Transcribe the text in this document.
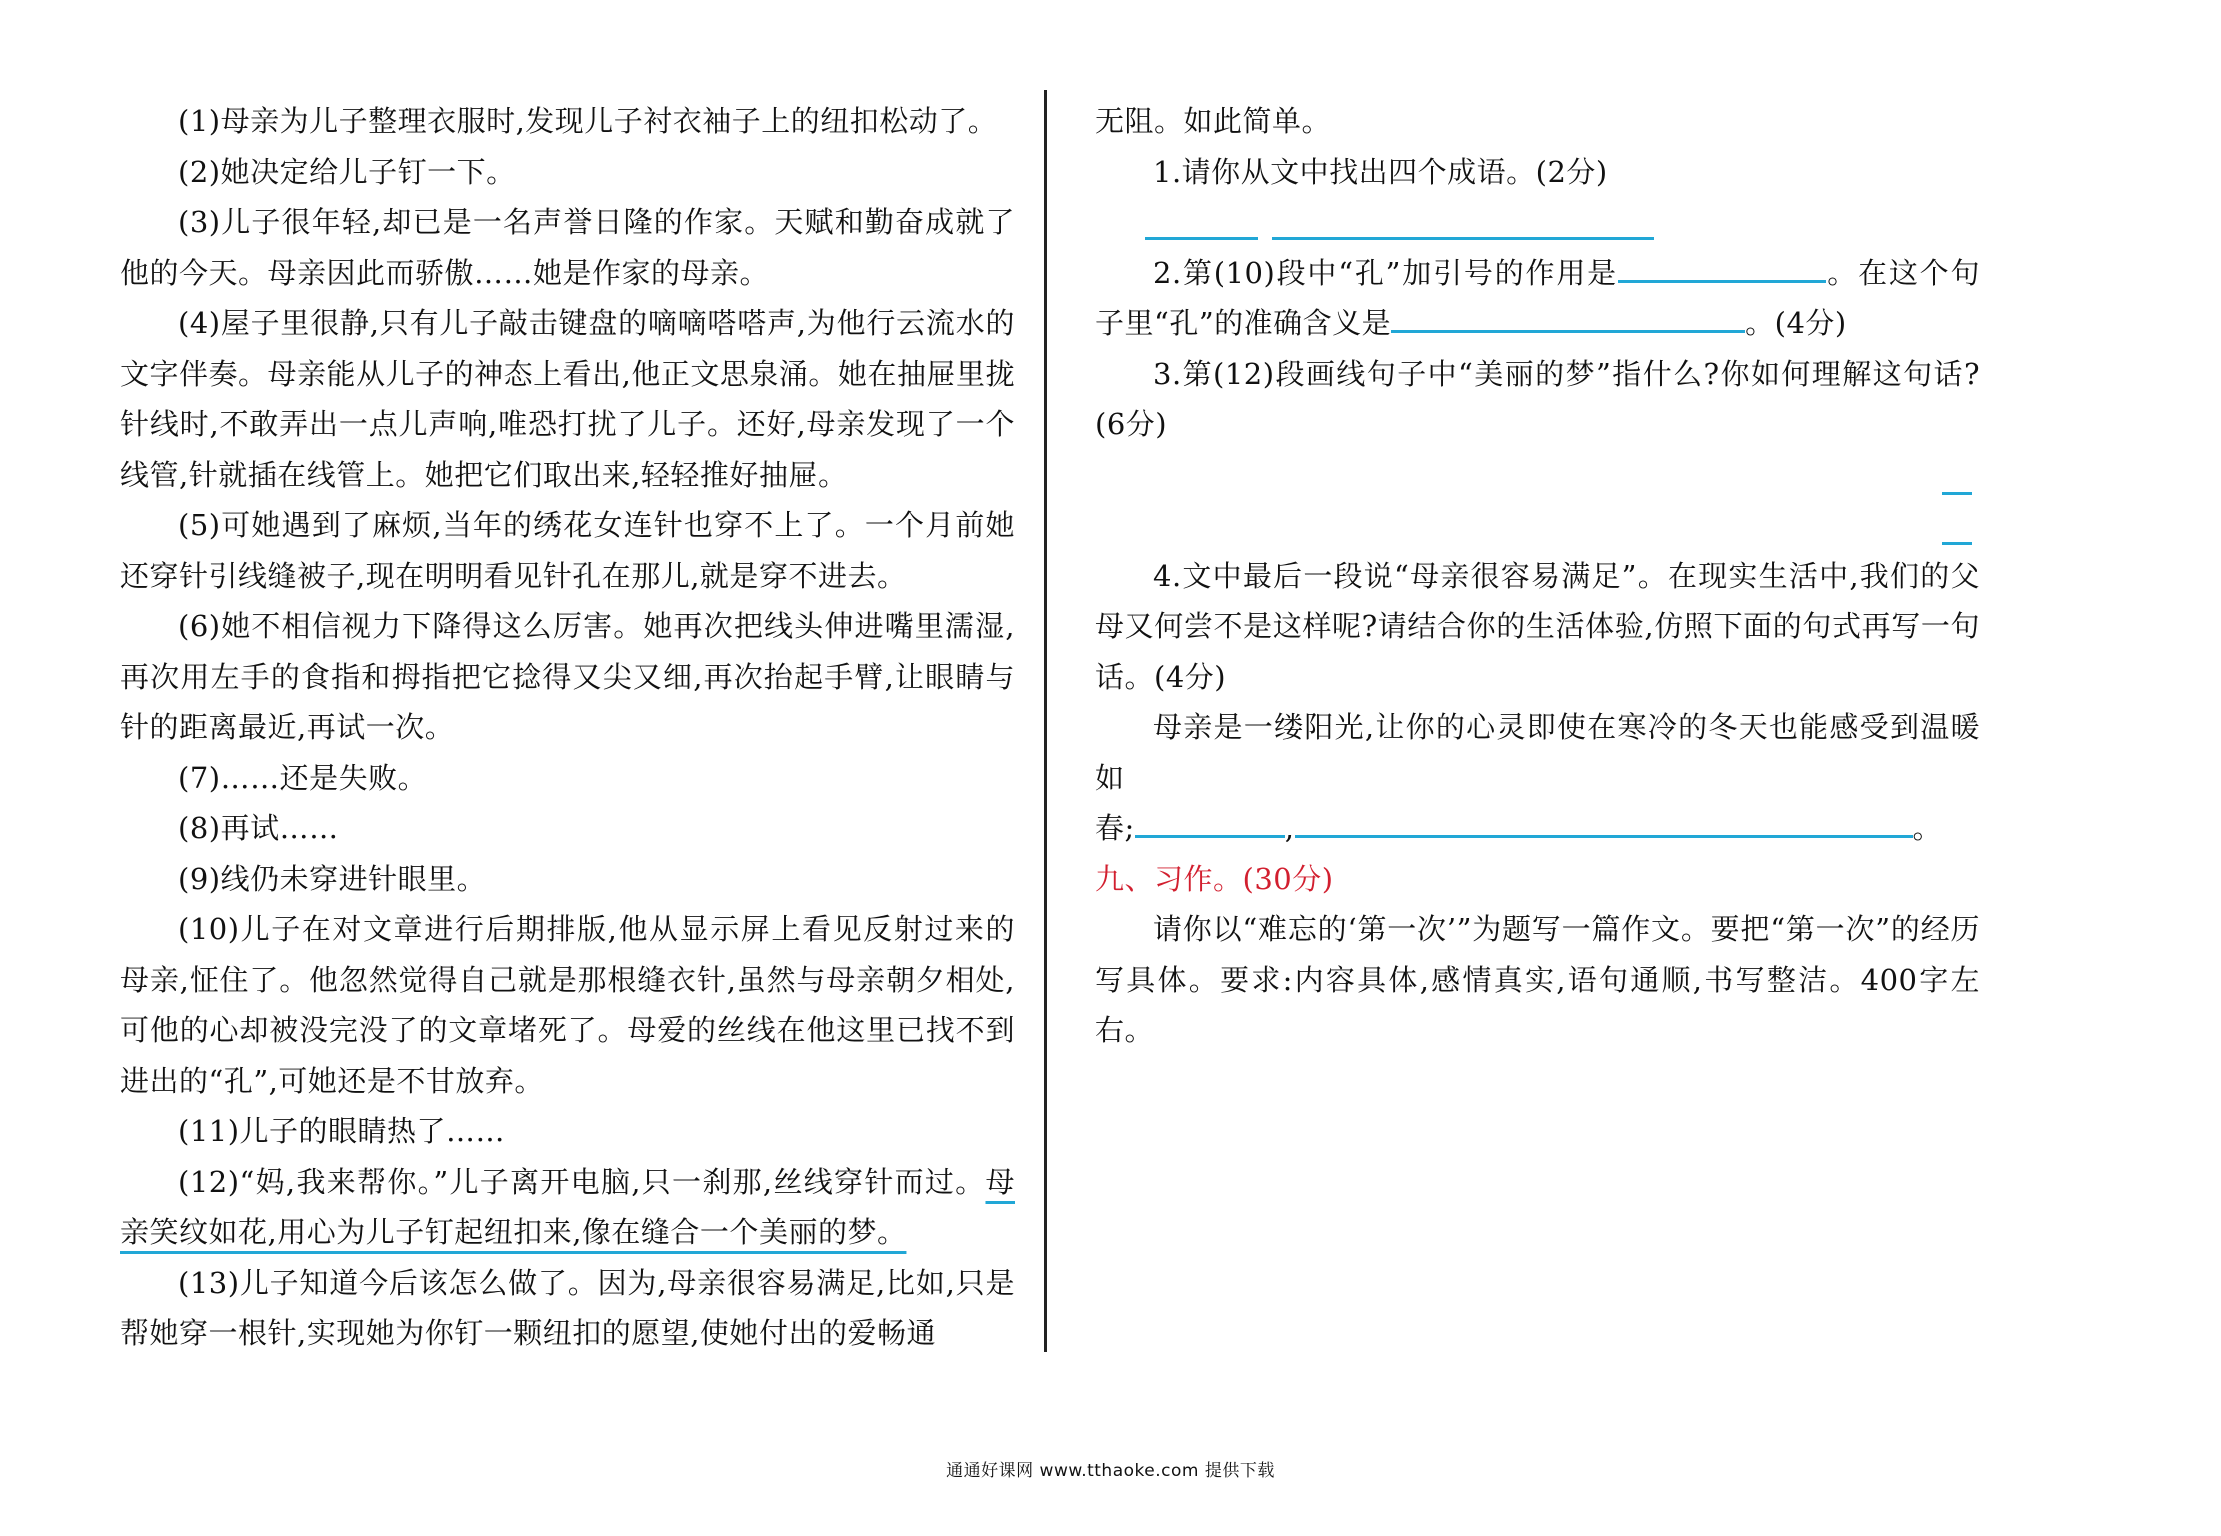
(1)母亲为儿子整理衣服时,发现儿子衬衣袖子上的纽扣松动了。

(2)她决定给儿子钉一下。

(3)儿子很年轻,却已是一名声誉日隆的作家。天赋和勤奋成就了他的今天。母亲因此而骄傲……她是作家的母亲。

(4)屋子里很静,只有儿子敲击键盘的嘀嘀嗒嗒声,为他行云流水的文字伴奏。母亲能从儿子的神态上看出,他正文思泉涌。她在抽屉里拢针线时,不敢弄出一点儿声响,唯恐打扰了儿子。还好,母亲发现了一个线管,针就插在线管上。她把它们取出来,轻轻推好抽屉。

(5)可她遇到了麻烦,当年的绣花女连针也穿不上了。一个月前她还穿针引线缝被子,现在明明看见针孔在那儿,就是穿不进去。

(6)她不相信视力下降得这么厉害。她再次把线头伸进嘴里濡湿,再次用左手的食指和拇指把它捻得又尖又细,再次抬起手臂,让眼睛与针的距离最近,再试一次。

(7)……还是失败。

(8)再试……

(9)线仍未穿进针眼里。

(10)儿子在对文章进行后期排版,他从显示屏上看见反射过来的母亲,怔住了。他忽然觉得自己就是那根缝衣针,虽然与母亲朝夕相处,可他的心却被没完没了的文章堵死了。母爱的丝线在他这里已找不到进出的“孔”,可她还是不甘放弃。

(11)儿子的眼睛热了……

(12)“妈,我来帮你。”儿子离开电脑,只一刹那,丝线穿针而过。母亲笑纹如花,用心为儿子钉起纽扣来,像在缝合一个美丽的梦。

(13)儿子知道今后该怎么做了。因为,母亲很容易满足,比如,只是帮她穿一根针,实现她为你钉一颗纽扣的愿望,使她付出的爱畅通

无阻。如此简单。

1.请你从文中找出四个成语。(2分)

2.第(10)段中“孔”加引号的作用是	。在这个句子里“孔”的准确含义是	。(4分)

3.第(12)段画线句子中“美丽的梦”指什么?你如何理解这句话?(6分)

4.文中最后一段说“母亲很容易满足”。在现实生活中,我们的父母又何尝不是这样呢?请结合你的生活体验,仿照下面的句式再写一句话。(4分)

母亲是一缕阳光,让你的心灵即使在寒冷的冬天也能感受到温暖如

春;	,	。

九、习作。(30分)

请你以“难忘的‘第一次’”为题写一篇作文。要把“第一次”的经历写具体。要求:内容具体,感情真实,语句通顺,书写整洁。400字左右。

通通好课网 www.tthaoke.com 提供下载
